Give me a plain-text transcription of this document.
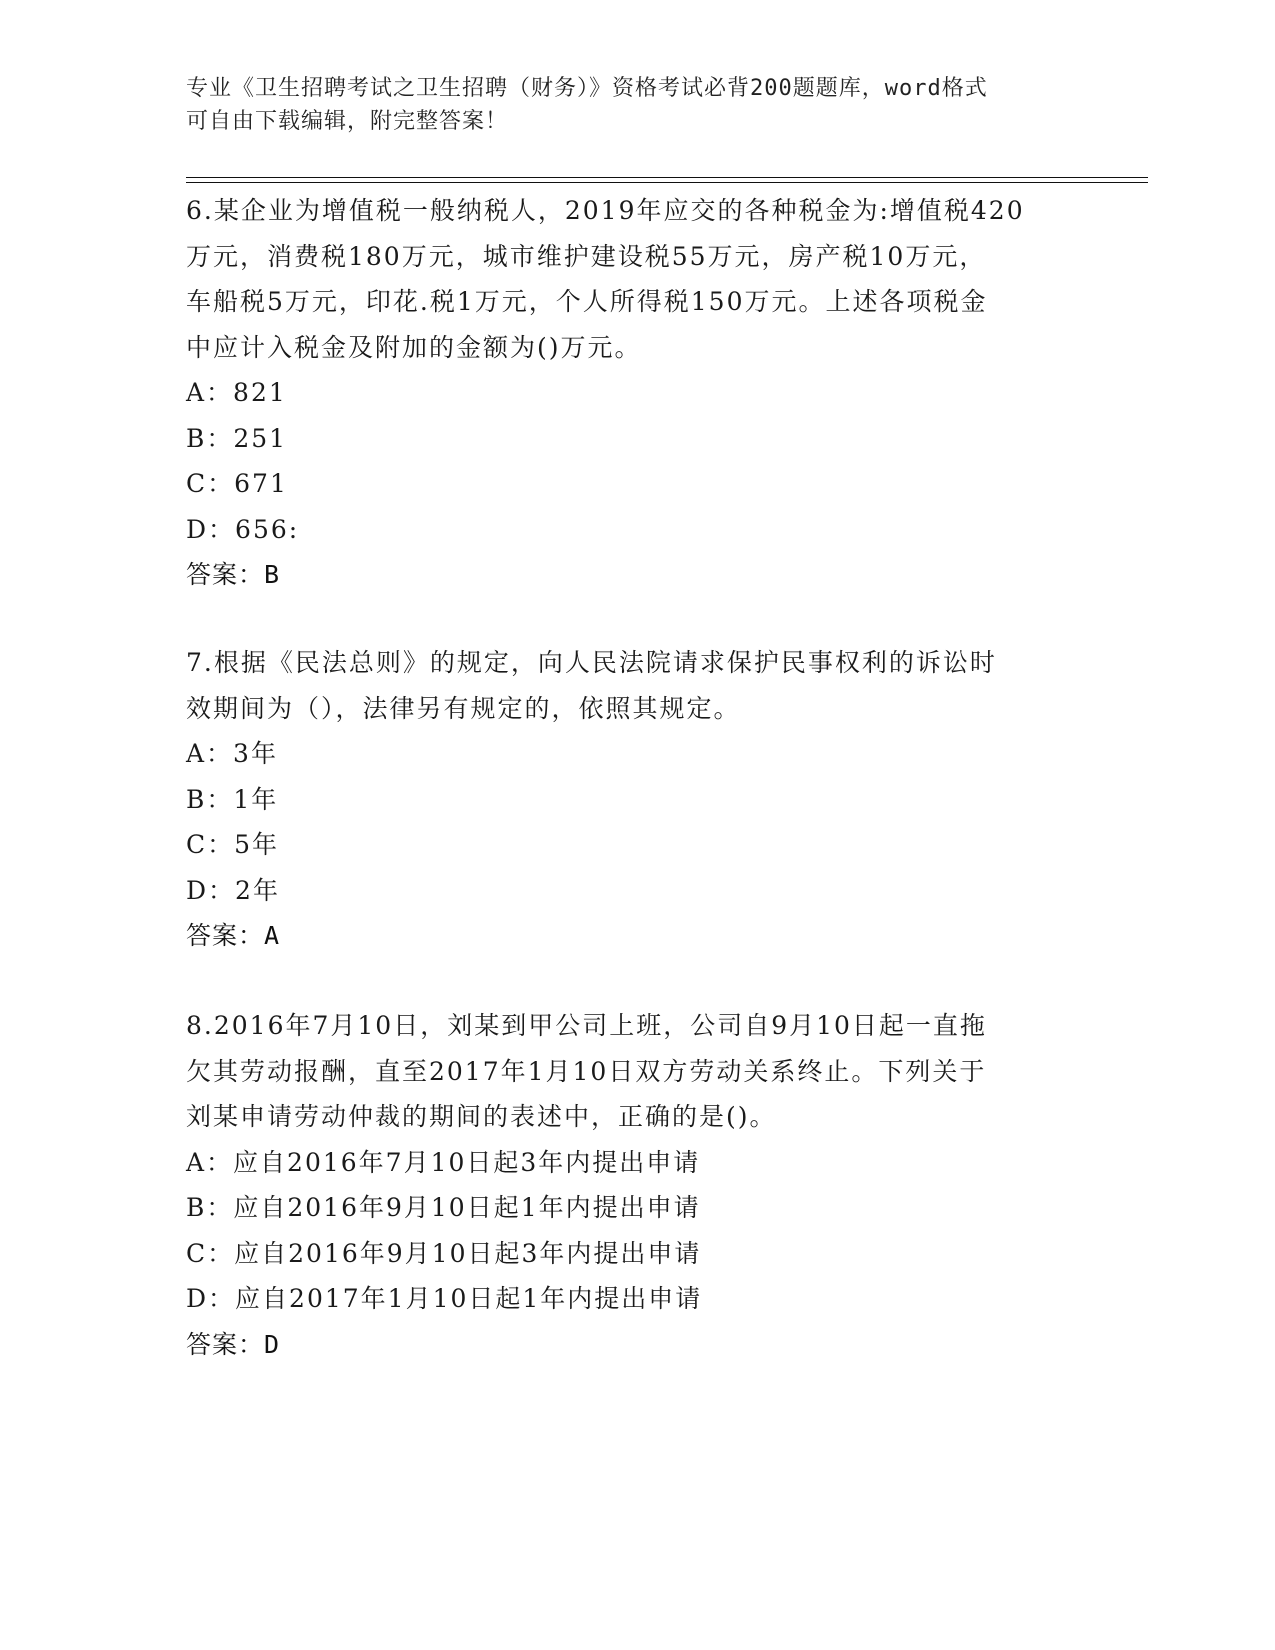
专业《卫生招聘考试之卫生招聘（财务）》资格考试必背200题题库，word格式
可自由下载编辑，附完整答案！
6.某企业为增值税一般纳税人，2019年应交的各种税金为:增值税420
万元，消费税180万元，城市维护建设税55万元，房产税10万元，
车船税5万元，印花.税1万元，个人所得税150万元。上述各项税金
中应计入税金及附加的金额为()万元。
A：821
B：251
C：671
D：656:
答案：B
7.根据《民法总则》的规定，向人民法院请求保护民事权利的诉讼时
效期间为（），法律另有规定的，依照其规定。
A：3年
B：1年
C：5年
D：2年
答案：A
8.2016年7月10日，刘某到甲公司上班，公司自9月10日起一直拖
欠其劳动报酬，直至2017年1月10日双方劳动关系终止。下列关于
刘某申请劳动仲裁的期间的表述中，正确的是()。
A：应自2016年7月10日起3年内提出申请
B：应自2016年9月10日起1年内提出申请
C：应自2016年9月10日起3年内提出申请
D：应自2017年1月10日起1年内提出申请
答案：D
